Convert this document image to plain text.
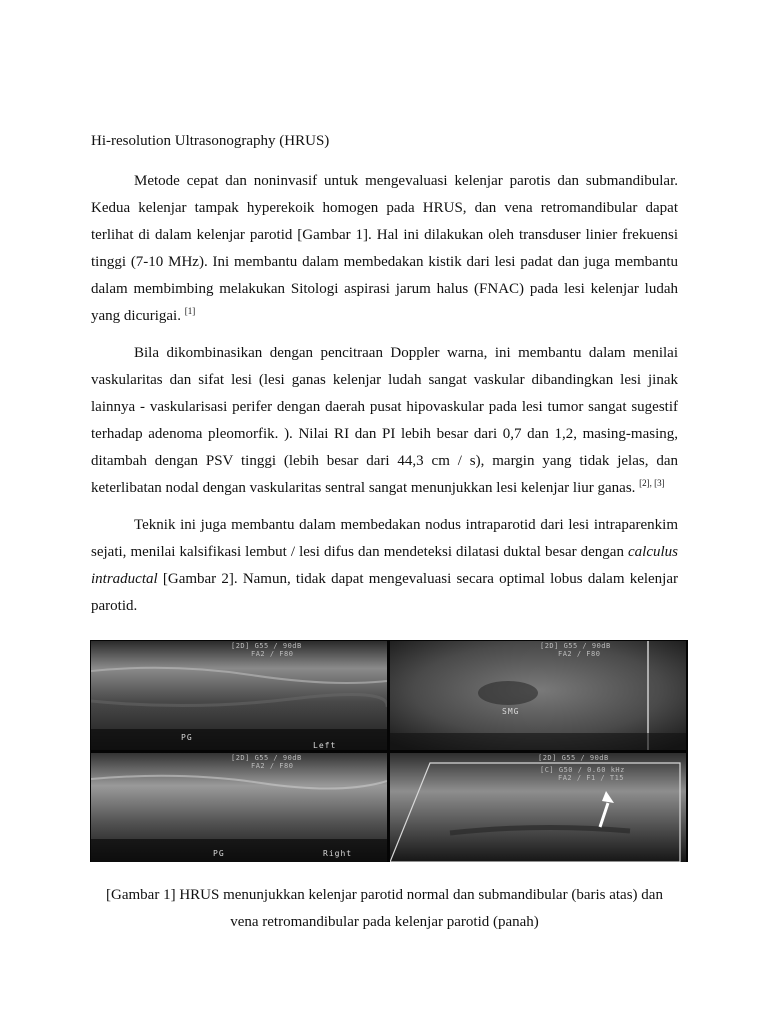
Hi-resolution Ultrasonography (HRUS)

Metode cepat dan noninvasif untuk mengevaluasi kelenjar parotis dan submandibular. Kedua kelenjar tampak hyperekoik homogen pada HRUS, dan vena retromandibular dapat terlihat di dalam kelenjar parotid [Gambar 1]. Hal ini dilakukan oleh transduser linier frekuensi tinggi (7-10 MHz). Ini membantu dalam membedakan kistik dari lesi padat dan juga membantu dalam membimbing melakukan Sitologi aspirasi jarum halus (FNAC) pada lesi kelenjar ludah yang dicurigai. [1]

Bila dikombinasikan dengan pencitraan Doppler warna, ini membantu dalam menilai vaskularitas dan sifat lesi (lesi ganas kelenjar ludah sangat vaskular dibandingkan lesi jinak lainnya - vaskularisasi perifer dengan daerah pusat hipovaskular pada lesi tumor sangat sugestif terhadap adenoma pleomorfik. ). Nilai RI dan PI lebih besar dari 0,7 dan 1,2, masing-masing, ditambah dengan PSV tinggi (lebih besar dari 44,3 cm / s), margin yang tidak jelas, dan keterlibatan nodal dengan vaskularitas sentral sangat menunjukkan lesi kelenjar liur ganas. [2], [3]

Teknik ini juga membantu dalam membedakan nodus intraparotid dari lesi intraparenkim sejati, menilai kalsifikasi lembut / lesi difus dan mendeteksi dilatasi duktal besar dengan calculus intraductal [Gambar 2]. Namun, tidak dapat mengevaluasi secara optimal lobus dalam kelenjar parotid.

[2D] G55 / 90dB
FA2 / F80
PG
Left
[2D] G55 / 90dB
FA2 / F80
SMG
[2D] G55 / 90dB
FA2 / F80
PG	Right
[2D] G55 / 90dB
[C] G50 / 0.60 kHz
FA2 / F1 / T15

[Gambar 1] HRUS menunjukkan kelenjar parotid normal dan submandibular (baris atas) dan
vena retromandibular pada kelenjar parotid (panah)
